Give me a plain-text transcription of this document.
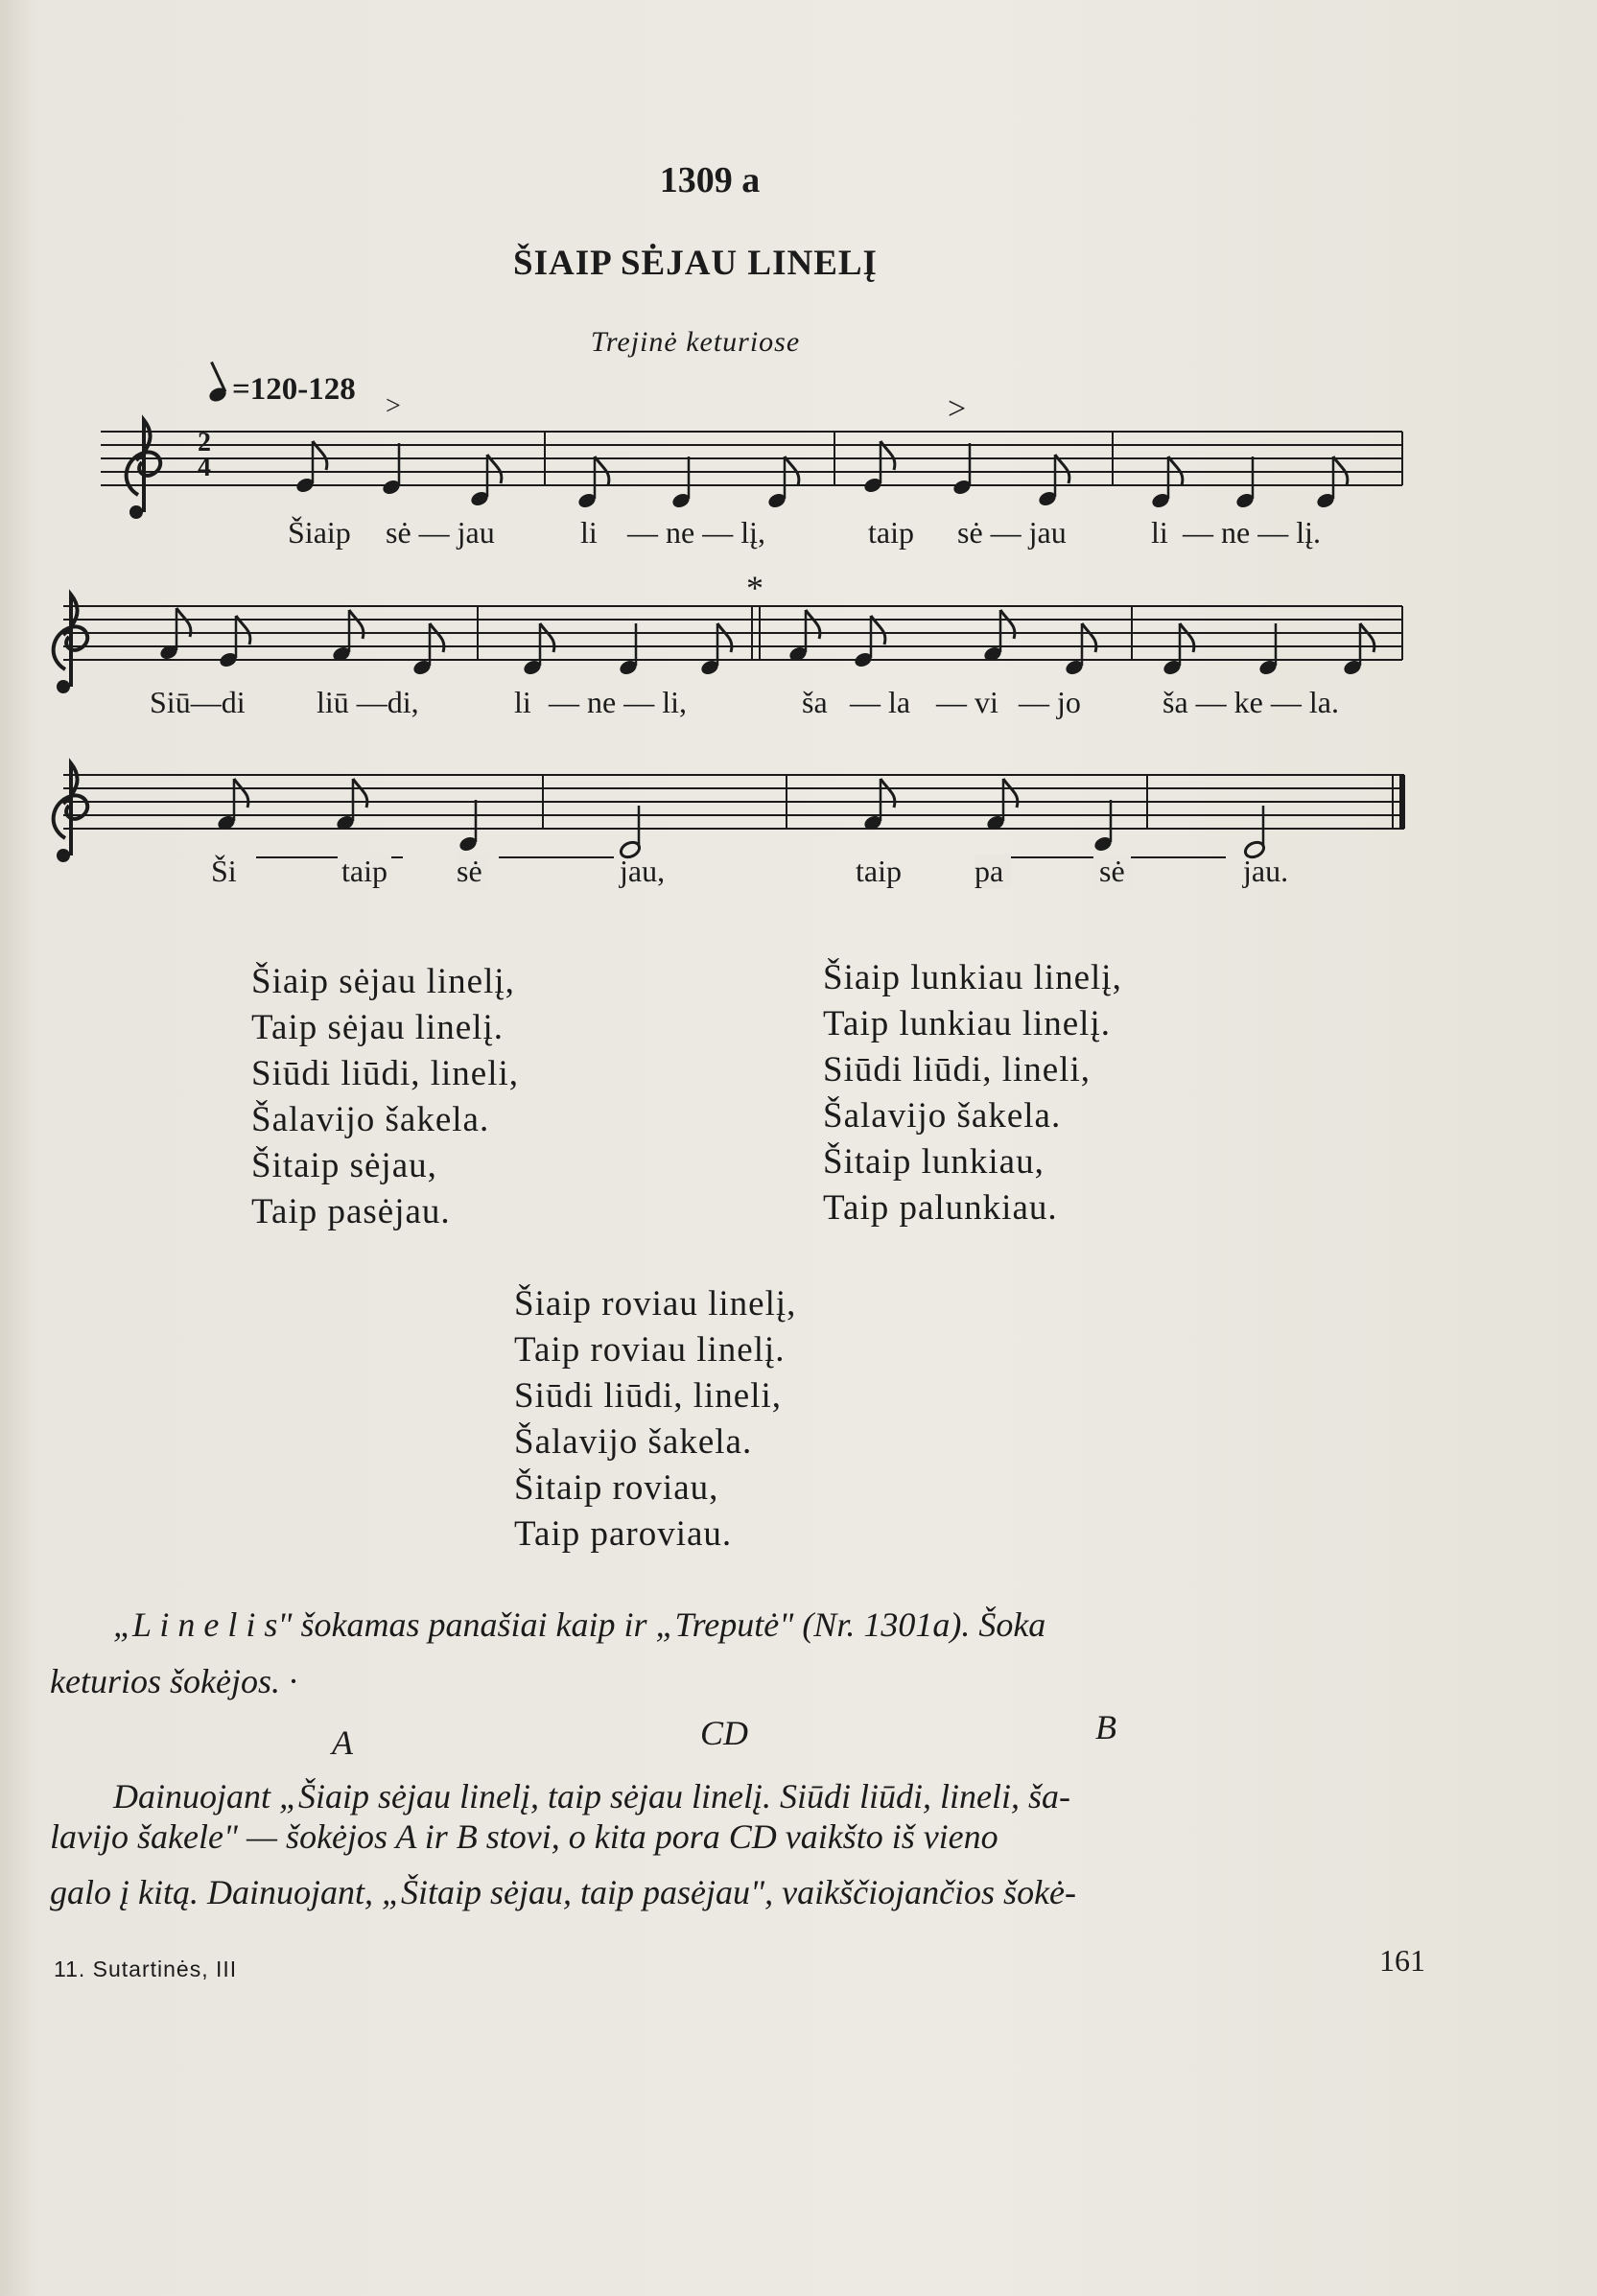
1309 a
ŠIAIP SĖJAU LINELĮ
Trejinė keturiose
=120-128
2
4
>	>
*
Šiaip sė — jau	li — ne — lį,	taip sė — jau	li — ne — lį.
Siū—di liū —di,	li — ne — li,	ša — la — vi — jo	ša — ke — la.
Ši	taip sė	jau,	taip pa	sė	jau.
Šiaip sėjau linelį,
Taip sėjau linelį.
Siūdi liūdi, lineli,
Šalavijo šakela.
Šitaip sėjau,
Taip pasėjau.
Šiaip lunkiau linelį,
Taip lunkiau linelį.
Siūdi liūdi, lineli,
Šalavijo šakela.
Šitaip lunkiau,
Taip palunkiau.
Šiaip roviau linelį,
Taip roviau linelį.
Siūdi liūdi, lineli,
Šalavijo šakela.
Šitaip roviau,
Taip paroviau.
„L i n e l i s" šokamas panašiai kaip ir „Treputė" (Nr. 1301a). Šoka
keturios šokėjos. ·
A	CD	B
Dainuojant „Šiaip sėjau linelį, taip sėjau linelį. Siūdi liūdi, lineli, ša-
lavijo šakele" — šokėjos A ir B stovi, o kita pora CD vaikšto iš vieno
galo į kitą. Dainuojant, „Šitaip sėjau, taip pasėjau", vaikščiojančios šokė-
11. Sutartinės, III	161
